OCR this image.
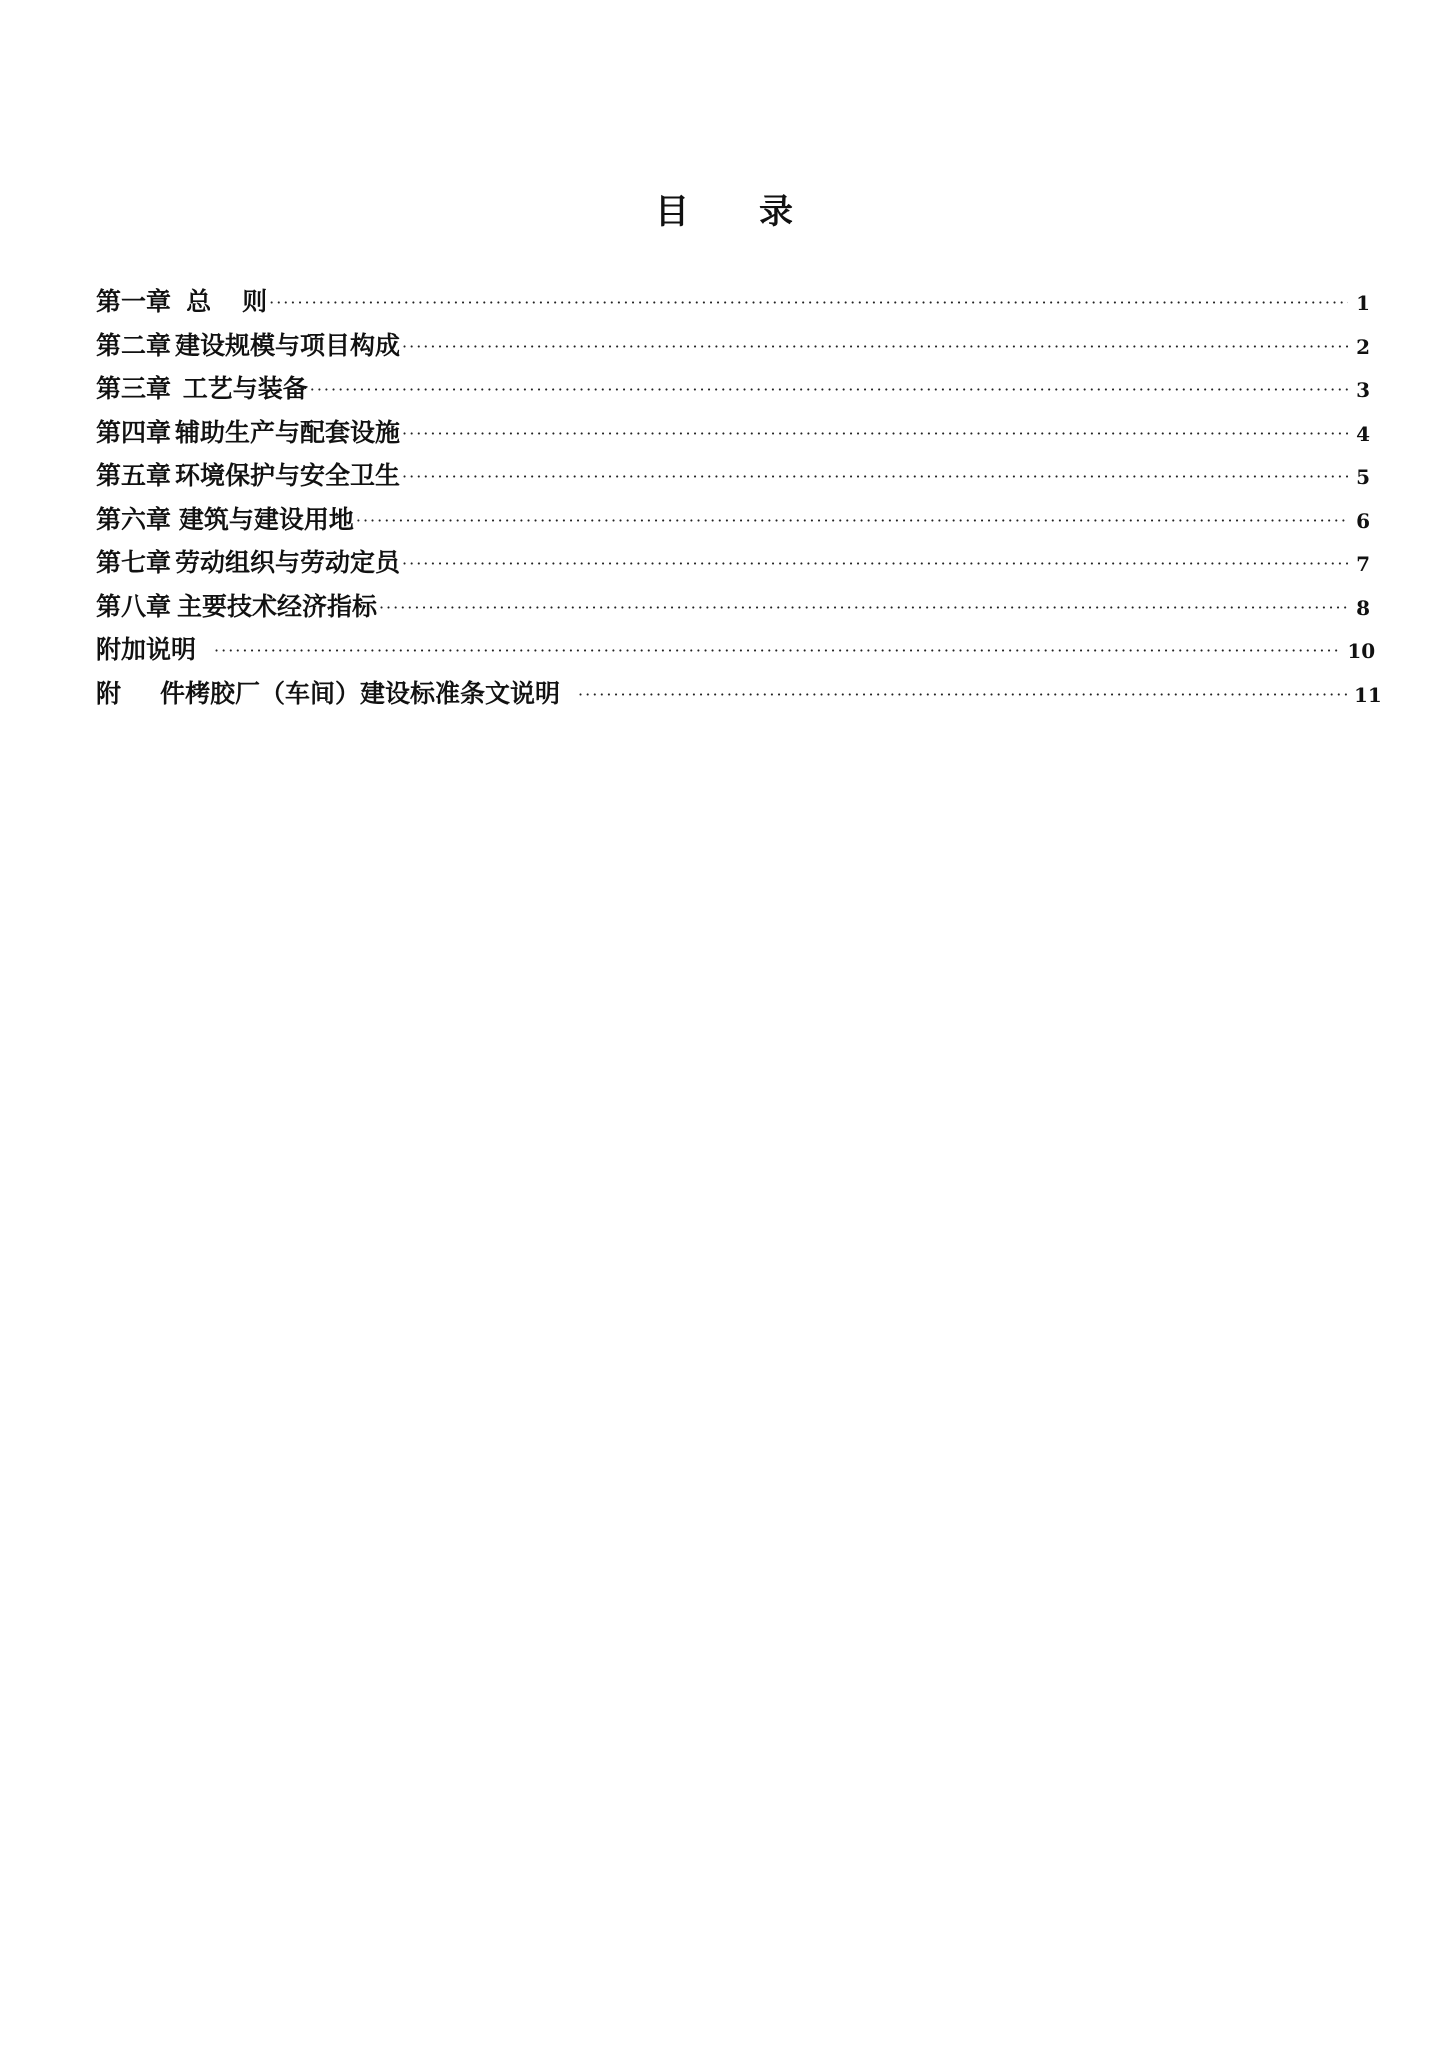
目 录
第一章 总 则 ·····	1
第二章 建设规模与项目构成 ·····	2
第三章 工艺与装备 ·····	3
第四章 辅助生产与配套设施 ·····	4
第五章 环境保护与安全卫生 ·····	5
第六章 建筑与建设用地 ·····	6
第七章 劳动组织与劳动定员 ·····	7
第八章 主要技术经济指标 ·····	8
附加说明 ·····	10
附 件 栲胶厂（车间）建设标准条文说明 ·····	11
